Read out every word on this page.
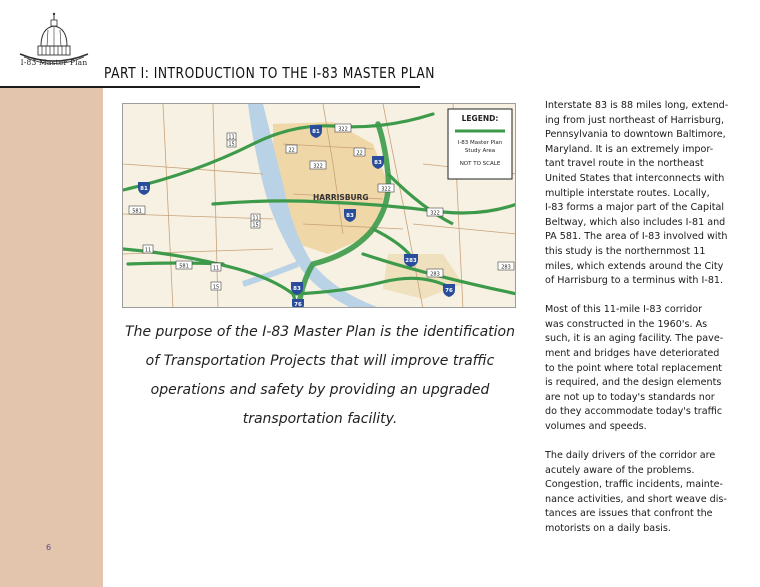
I-83 Master Plan
PART I: INTRODUCTION TO THE I-83 MASTER PLAN
6
LEGEND:
I-83 Master Plan
Study Area
NOT TO SCALE
HARRISBURG
81
83
81
83
283
83
76
76
322
22	22
322
11
15
322
322
11
15
11
581
581
11
15
283
283
The purpose of the I-83 Master Plan is the identification
of Transportation Projects that will improve traffic
operations and safety by providing an upgraded
transportation facility.

Interstate 83 is 88 miles long, extend-
ing from just northeast of Harrisburg,
Pennsylvania to downtown Baltimore,
Maryland. It is an extremely impor-
tant travel route in the northeast
United States that interconnects with
multiple interstate routes. Locally,
I-83 forms a major part of the Capital
Beltway, which also includes I-81 and
PA 581. The area of I-83 involved with
this study is the northernmost 11
miles, which extends around the City
of Harrisburg to a terminus with I-81.

Most of this 11-mile I-83 corridor
was constructed in the 1960's. As
such, it is an aging facility. The pave-
ment and bridges have deteriorated
to the point where total replacement
is required, and the design elements
are not up to today's standards nor
do they accommodate today's traffic
volumes and speeds.

The daily drivers of the corridor are
acutely aware of the problems.
Congestion, traffic incidents, mainte-
nance activities, and short weave dis-
tances are issues that confront the
motorists on a daily basis.
